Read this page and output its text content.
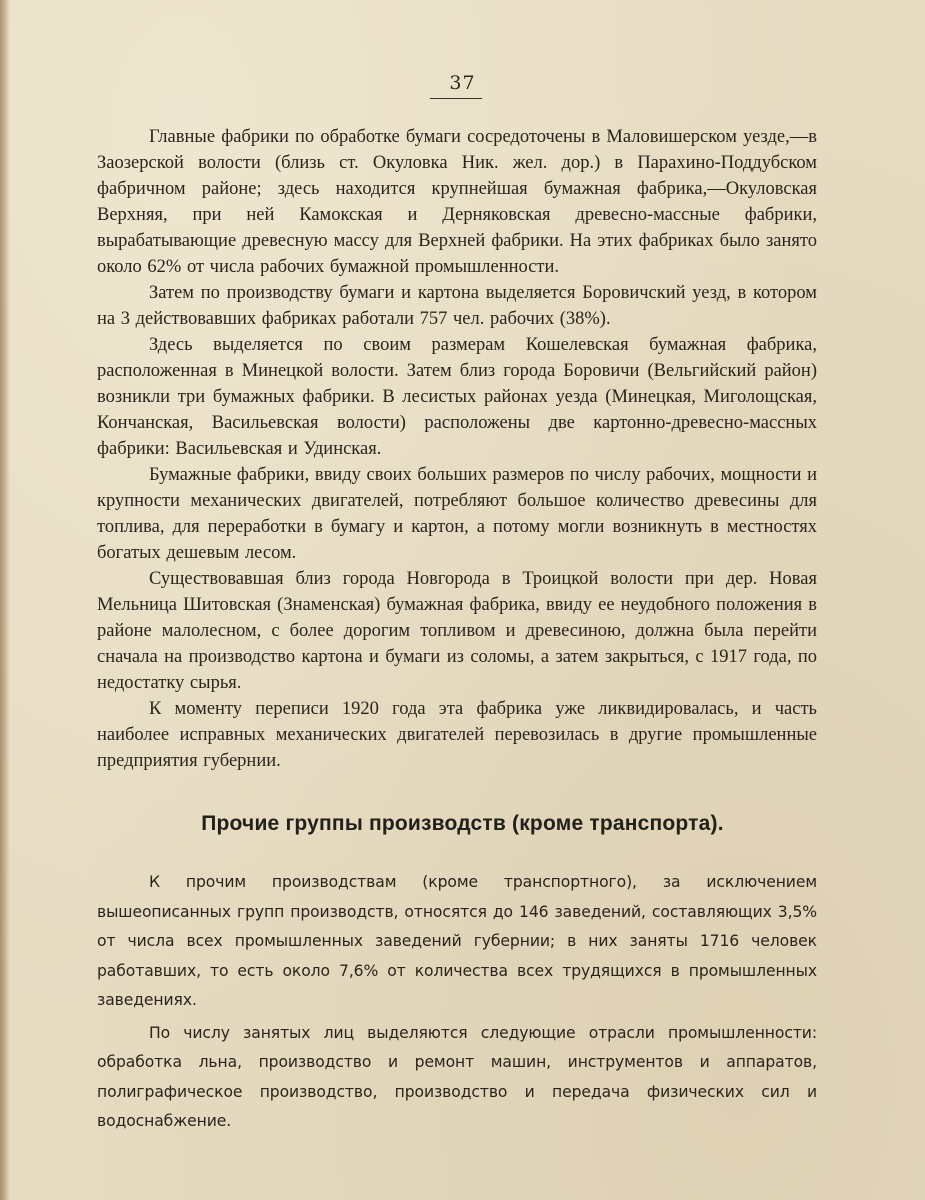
37

Главные фабрики по обработке бумаги сосредоточены в Маловишерском уезде,—в Заозерской волости (близь ст. Окуловка Ник. жел. дор.) в Парахино-Поддубском фабричном районе; здесь находится крупнейшая бумажная фабрика,—Окуловская Верхняя, при ней Камокская и Дерняковская древесно-массные фабрики, вырабатывающие древесную массу для Верхней фабрики. На этих фабриках было занято около 62% от числа рабочих бумажной промышленности.

Затем по производству бумаги и картона выделяется Боровичский уезд, в котором на 3 действовавших фабриках работали 757 чел. рабочих (38%).

Здесь выделяется по своим размерам Кошелевская бумажная фабрика, расположенная в Минецкой волости. Затем близ города Боровичи (Вельгийский район) возникли три бумажных фабрики. В лесистых районах уезда (Минецкая, Миголощская, Кончанская, Васильевская волости) расположены две картонно-древесно-массных фабрики: Васильевская и Удинская.

Бумажные фабрики, ввиду своих больших размеров по числу рабочих, мощности и крупности механических двигателей, потребляют большое количество древесины для топлива, для переработки в бумагу и картон, а потому могли возникнуть в местностях богатых дешевым лесом.

Существовавшая близ города Новгорода в Троицкой волости при дер. Новая Мельница Шитовская (Знаменская) бумажная фабрика, ввиду ее неудобного положения в районе малолесном, с более дорогим топливом и древесиною, должна была перейти сначала на производство картона и бумаги из соломы, а затем закрыться, с 1917 года, по недостатку сырья.

К моменту переписи 1920 года эта фабрика уже ликвидировалась, и часть наиболее исправных механических двигателей перевозилась в другие промышленные предприятия губернии.

Прочие группы производств (кроме транспорта).

К прочим производствам (кроме транспортного), за исключением вышеописанных групп производств, относятся до 146 заведений, составляющих 3,5% от числа всех промышленных заведений губернии; в них заняты 1716 человек работавших, то есть около 7,6% от количества всех трудящихся в промышленных заведениях.

По числу занятых лиц выделяются следующие отрасли промышленности: обработка льна, производство и ремонт машин, инструментов и аппаратов, полиграфическое производство, производство и передача физических сил и водоснабжение.
